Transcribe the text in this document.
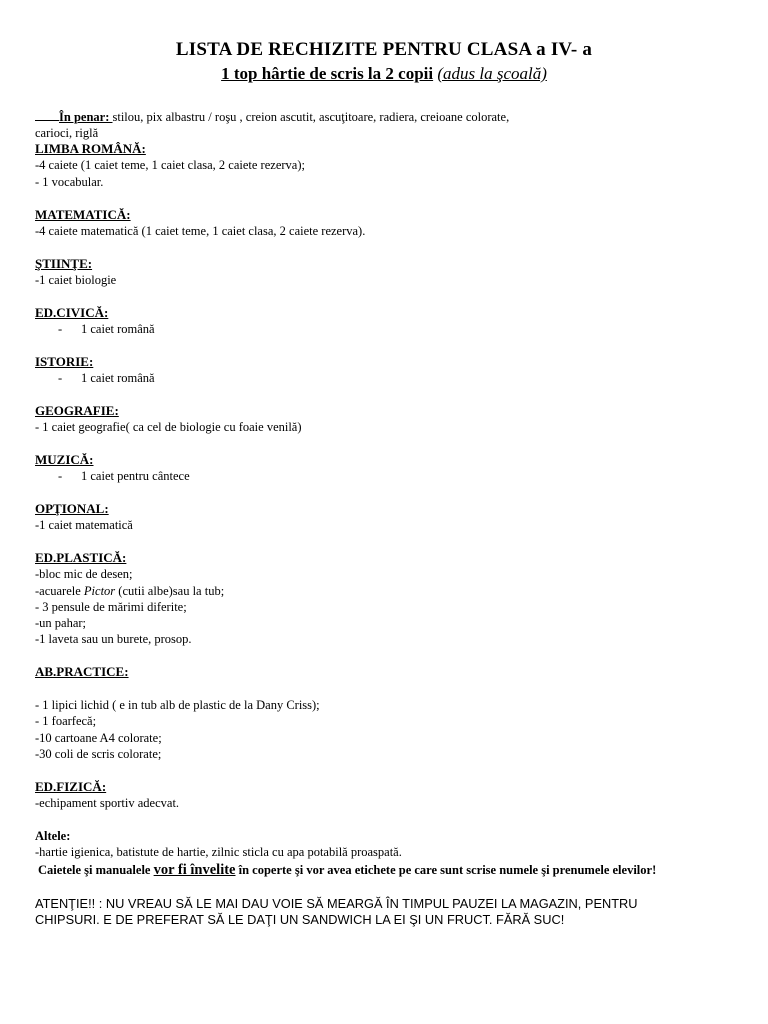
LISTA DE RECHIZITE PENTRU CLASA a IV- a
1 top hârtie de scris la 2 copii (adus la şcoală)
În penar: stilou, pix albastru / roşu , creion ascutit, ascuţitoare, radiera, creioane colorate,
carioci, riglă
LIMBA ROMÂNĂ:
-4 caiete (1 caiet teme, 1 caiet clasa, 2 caiete rezerva);
- 1 vocabular.
MATEMATICĂ:
-4 caiete matematică (1 caiet teme, 1 caiet clasa, 2 caiete rezerva).
ŞTIINŢE:
-1 caiet biologie
ED.CIVICĂ:
- 1 caiet română
ISTORIE:
- 1 caiet română
GEOGRAFIE:
- 1 caiet geografie( ca cel de biologie cu foaie venilă)
MUZICĂ:
- 1 caiet pentru cântece
OPŢIONAL:
-1 caiet matematică
ED.PLASTICĂ:
-bloc mic de desen;
-acuarele Pictor (cutii albe)sau la tub;
- 3 pensule de mărimi diferite;
-un pahar;
-1 laveta sau un burete, prosop.
AB.PRACTICE:
- 1 lipici lichid ( e in tub alb de plastic de la Dany Criss);
- 1 foarfecă;
-10 cartoane A4 colorate;
-30 coli de scris colorate;
ED.FIZICĂ:
-echipament sportiv adecvat.
Altele:
-hartie igienica, batistute de hartie, zilnic sticla cu apa potabilă proaspată.
Caietele şi manualele vor fi învelite în coperte şi vor avea etichete pe care sunt scrise numele şi prenumele elevilor!
ATENŢIE!! : NU VREAU SĂ LE MAI DAU VOIE SĂ MEARGĂ ÎN TIMPUL PAUZEI LA MAGAZIN, PENTRU
CHIPSURI. E DE PREFERAT SĂ LE DAŢI UN SANDWICH LA EI ŞI UN FRUCT. FĂRĂ SUC!
